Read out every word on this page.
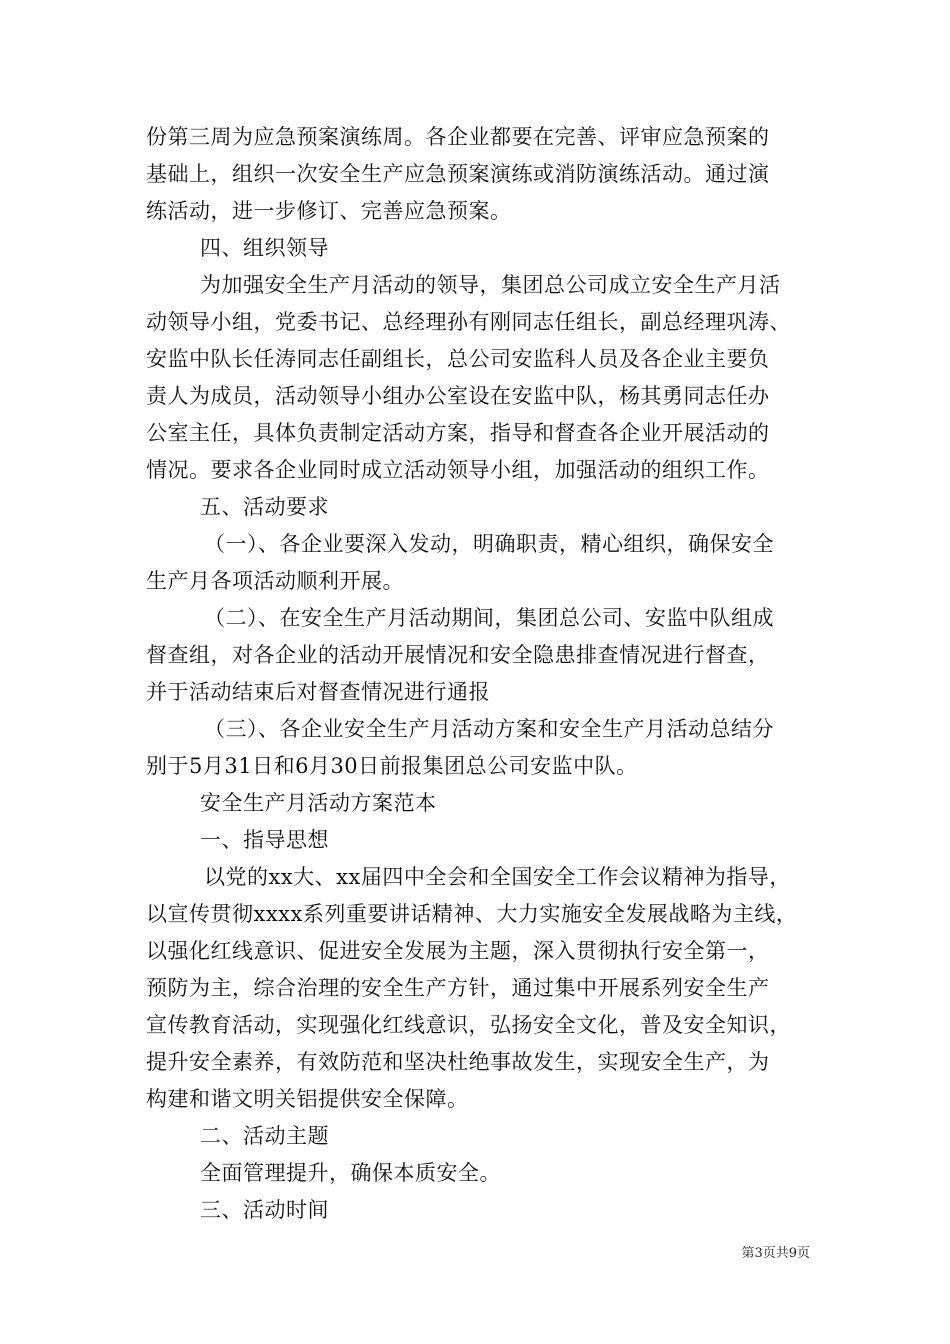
份第三周为应急预案演练周。各企业都要在完善、评审应急预案的
基础上，组织一次安全生产应急预案演练或消防演练活动。通过演
练活动，进一步修订、完善应急预案。
四、组织领导
为加强安全生产月活动的领导，集团总公司成立安全生产月活
动领导小组，党委书记、总经理孙有刚同志任组长，副总经理巩涛、
安监中队长任涛同志任副组长，总公司安监科人员及各企业主要负
责人为成员，活动领导小组办公室设在安监中队，杨其勇同志任办
公室主任，具体负责制定活动方案，指导和督查各企业开展活动的
情况。要求各企业同时成立活动领导小组，加强活动的组织工作。
五、活动要求
（一）、各企业要深入发动，明确职责，精心组织，确保安全
生产月各项活动顺利开展。
（二）、在安全生产月活动期间，集团总公司、安监中队组成
督查组，对各企业的活动开展情况和安全隐患排查情况进行督查，
并于活动结束后对督查情况进行通报
（三）、各企业安全生产月活动方案和安全生产月活动总结分
别于5月31日和6月30日前报集团总公司安监中队。
安全生产月活动方案范本
一、指导思想
以党的xx大、xx届四中全会和全国安全工作会议精神为指导，
以宣传贯彻xxxx系列重要讲话精神、大力实施安全发展战略为主线，
以强化红线意识、促进安全发展为主题，深入贯彻执行安全第一，
预防为主，综合治理的安全生产方针，通过集中开展系列安全生产
宣传教育活动，实现强化红线意识，弘扬安全文化，普及安全知识，
提升安全素养，有效防范和坚决杜绝事故发生，实现安全生产，为
构建和谐文明关铝提供安全保障。
二、活动主题
全面管理提升，确保本质安全。
三、活动时间
第3页共9页
